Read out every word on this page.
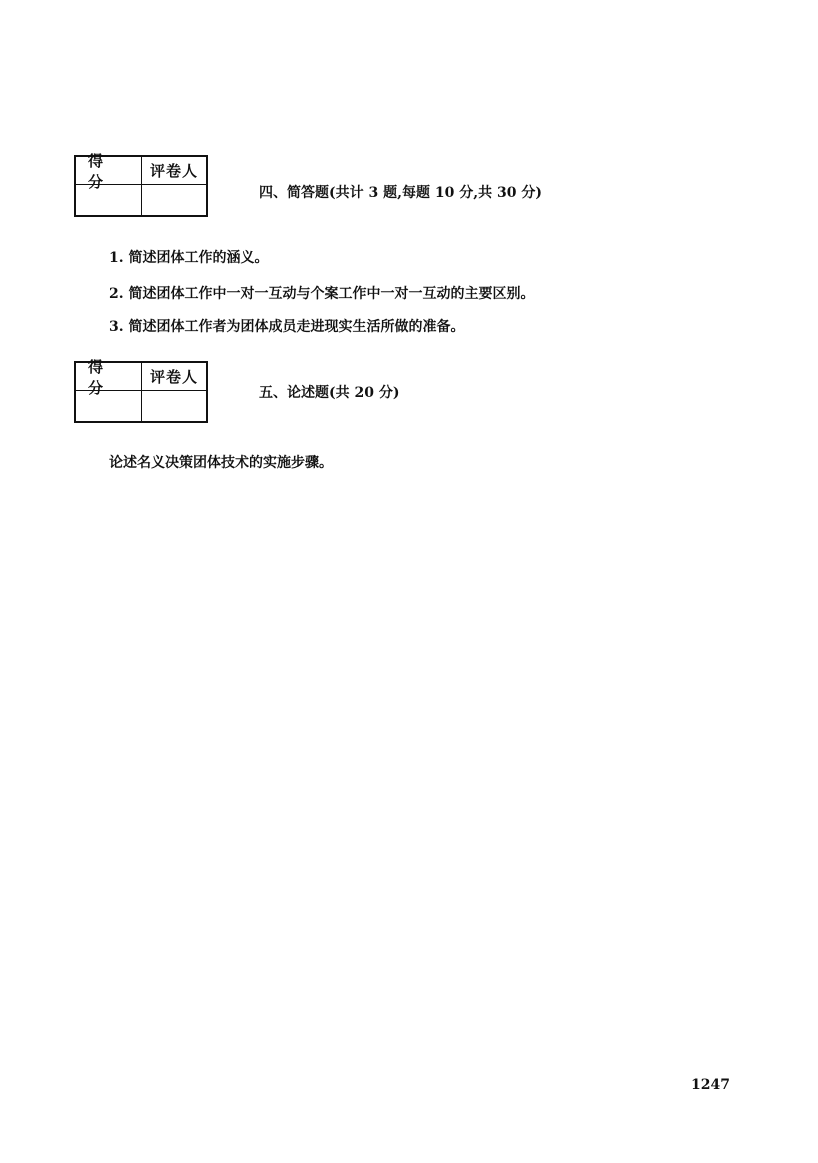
得 分
评卷人
四、简答题(共计 3 题,每题 10 分,共 30 分)
1. 简述团体工作的涵义。
2. 简述团体工作中一对一互动与个案工作中一对一互动的主要区别。
3. 简述团体工作者为团体成员走进现实生活所做的准备。
得 分
评卷人
五、论述题(共 20 分)
论述名义决策团体技术的实施步骤。
1247
